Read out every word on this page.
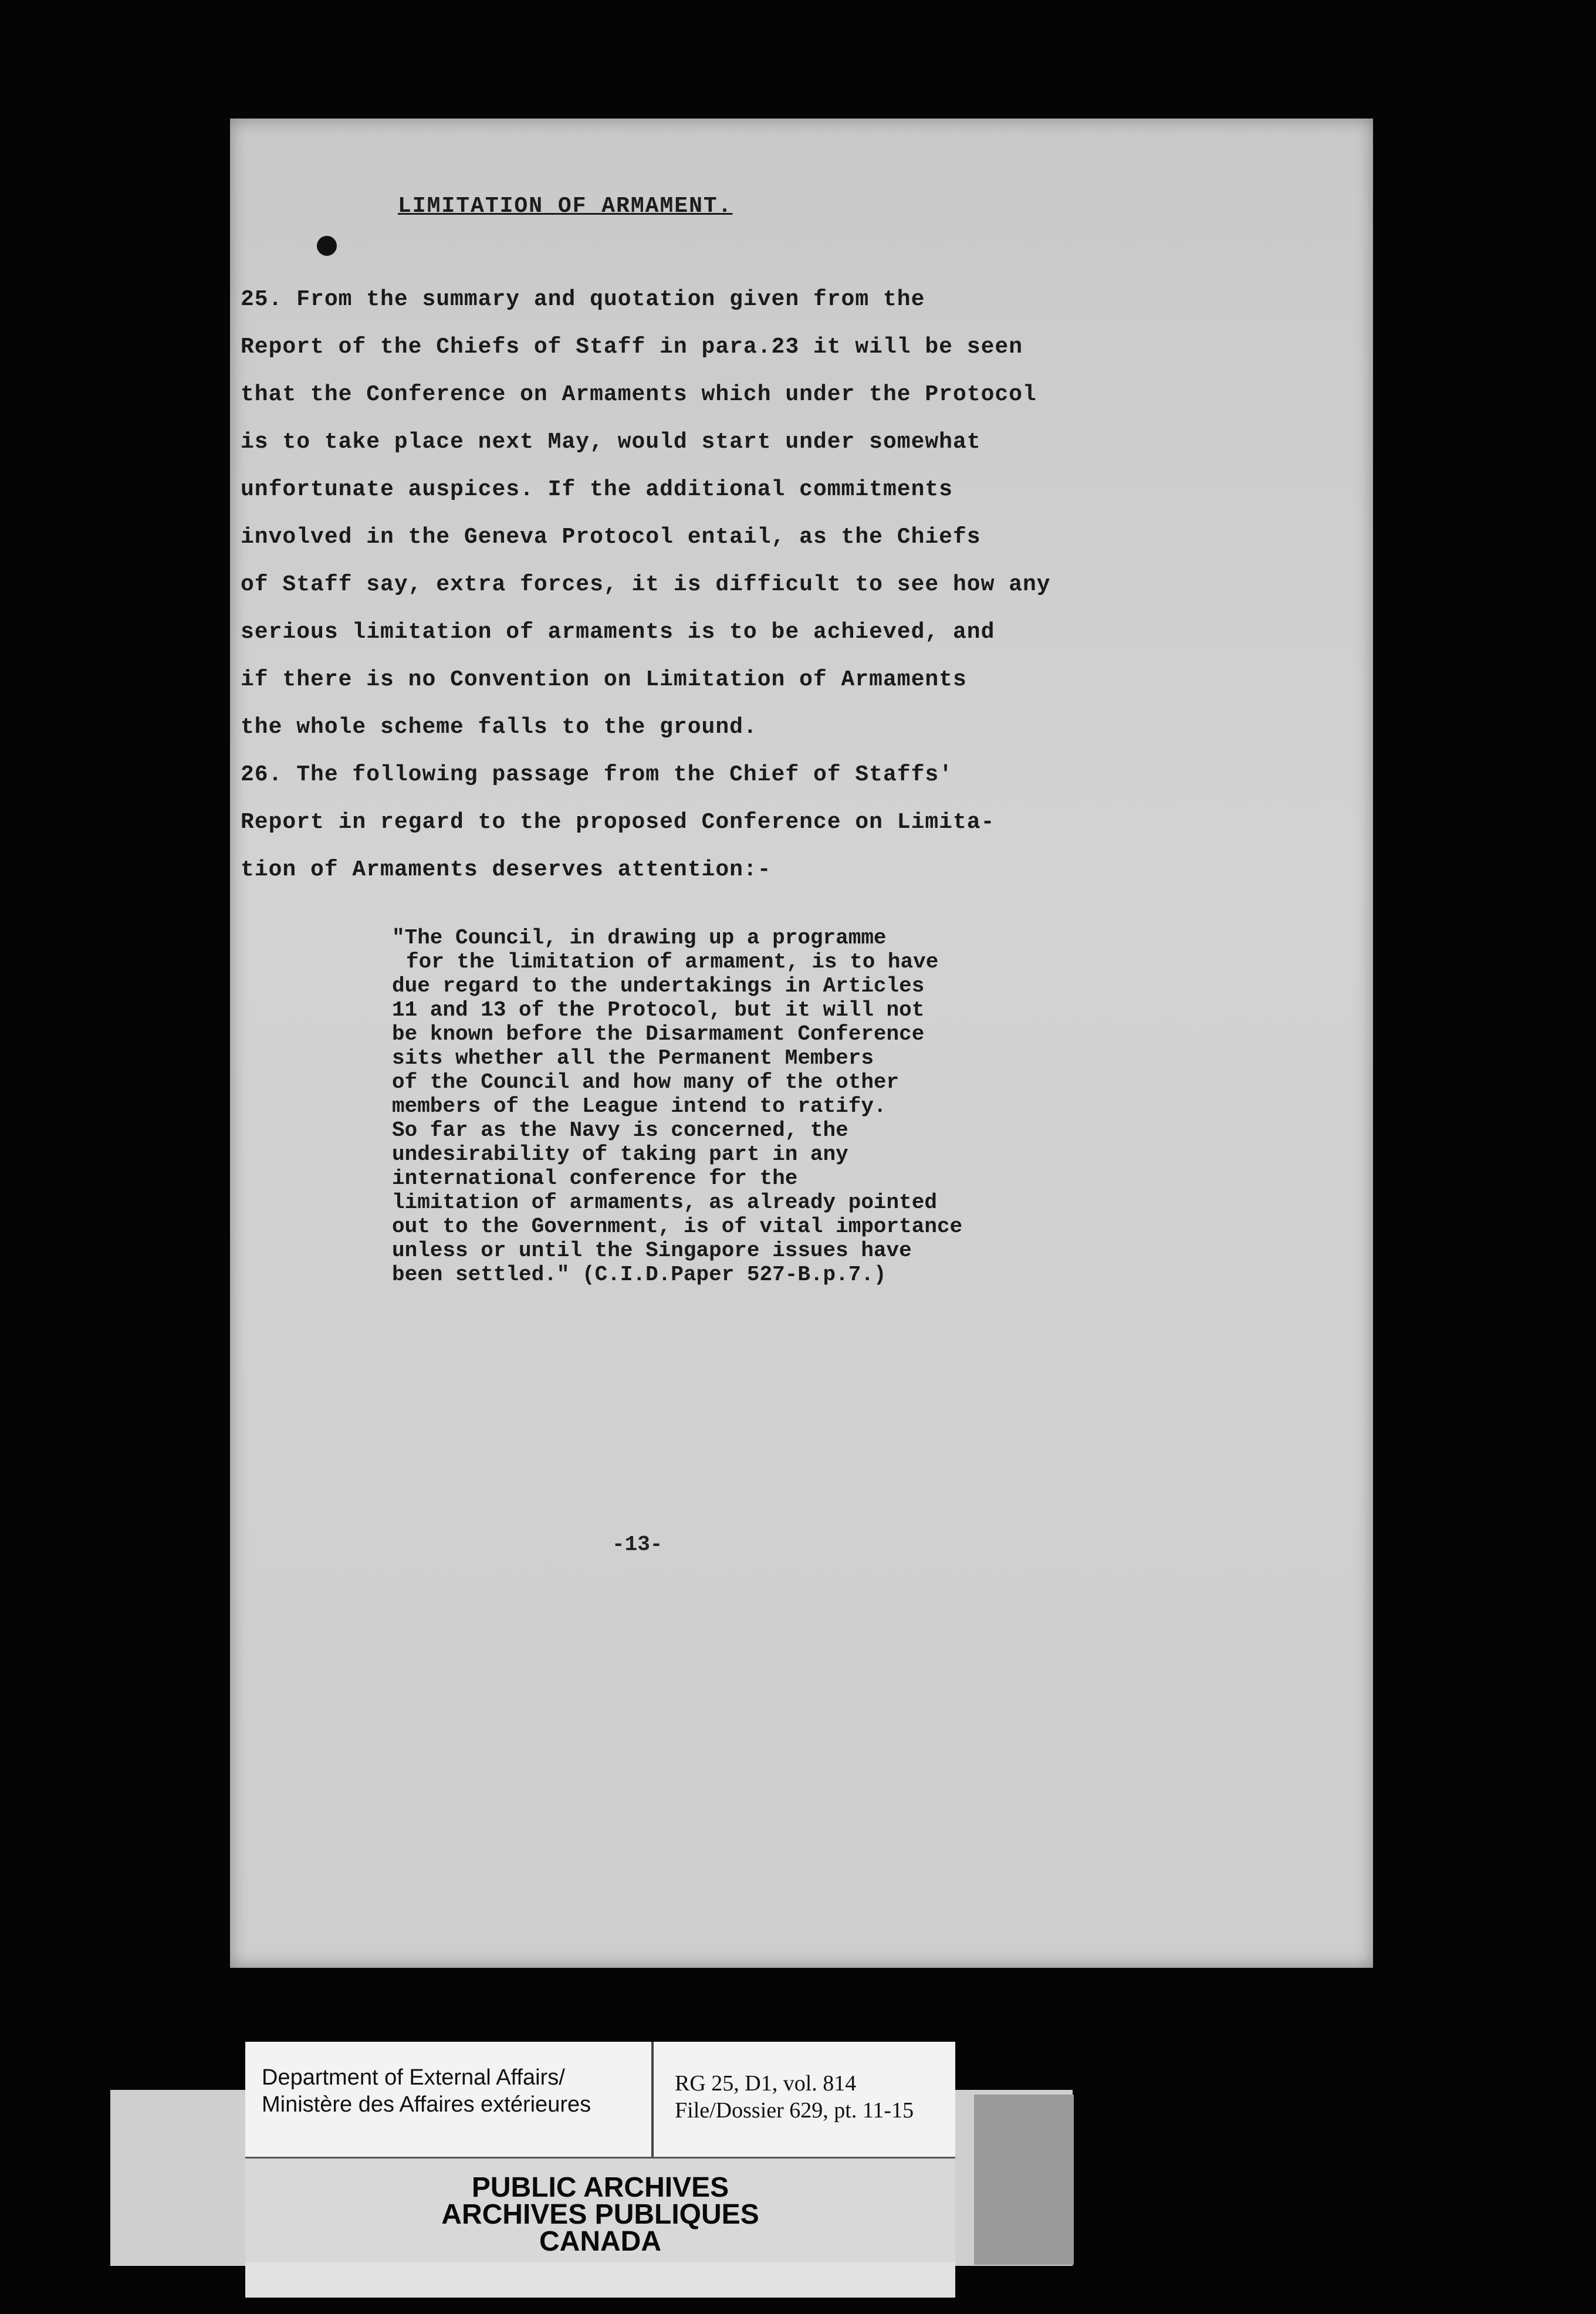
LIMITATION OF ARMAMENT.
25. From the summary and quotation given from the
Report of the Chiefs of Staff in para.23 it will be seen
that the Conference on Armaments which under the Protocol
is to take place next May, would start under somewhat
unfortunate auspices. If the additional commitments
involved in the Geneva Protocol entail, as the Chiefs
of Staff say, extra forces, it is difficult to see how any
serious limitation of armaments is to be achieved, and
if there is no Convention on Limitation of Armaments
the whole scheme falls to the ground.
26. The following passage from the Chief of Staffs'
Report in regard to the proposed Conference on Limita-
tion of Armaments deserves attention:-
"The Council, in drawing up a programme
for the limitation of armament, is to have
due regard to the undertakings in Articles
11 and 13 of the Protocol, but it will not
be known before the Disarmament Conference
sits whether all the Permanent Members
of the Council and how many of the other
members of the League intend to ratify.
So far as the Navy is concerned, the
undesirability of taking part in any
international conference for the
limitation of armaments, as already pointed
out to the Government, is of vital importance
unless or until the Singapore issues have
been settled." (C.I.D.Paper 527-B.p.7.)
-13-
Department of External Affairs/
Ministère des Affaires extérieures
RG 25, D1, vol. 814
File/Dossier 629, pt. 11-15
PUBLIC ARCHIVES
ARCHIVES PUBLIQUES
CANADA
